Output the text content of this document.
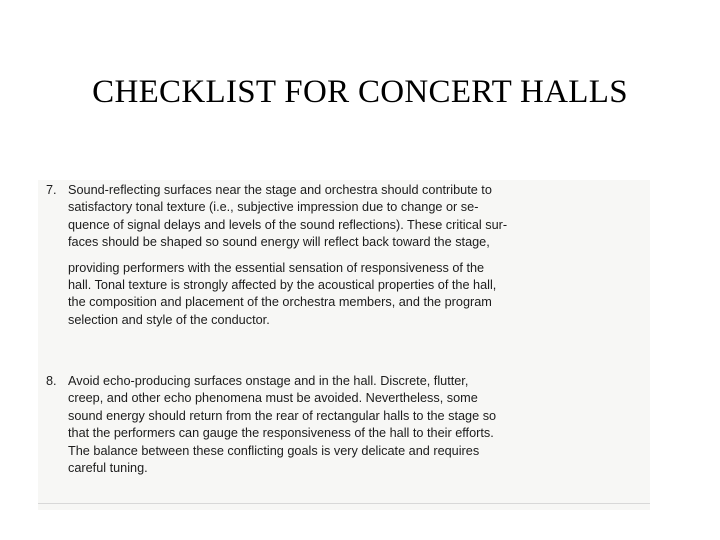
CHECKLIST FOR CONCERT HALLS
7. Sound-reflecting surfaces near the stage and orchestra should contribute to
satisfactory tonal texture (i.e., subjective impression due to change or se-
quence of signal delays and levels of the sound reflections). These critical sur-
faces should be shaped so sound energy will reflect back toward the stage,
providing performers with the essential sensation of responsiveness of the
hall. Tonal texture is strongly affected by the acoustical properties of the hall,
the composition and placement of the orchestra members, and the program
selection and style of the conductor.
8. Avoid echo-producing surfaces onstage and in the hall. Discrete, flutter,
creep, and other echo phenomena must be avoided. Nevertheless, some
sound energy should return from the rear of rectangular halls to the stage so
that the performers can gauge the responsiveness of the hall to their efforts.
The balance between these conflicting goals is very delicate and requires
careful tuning.
